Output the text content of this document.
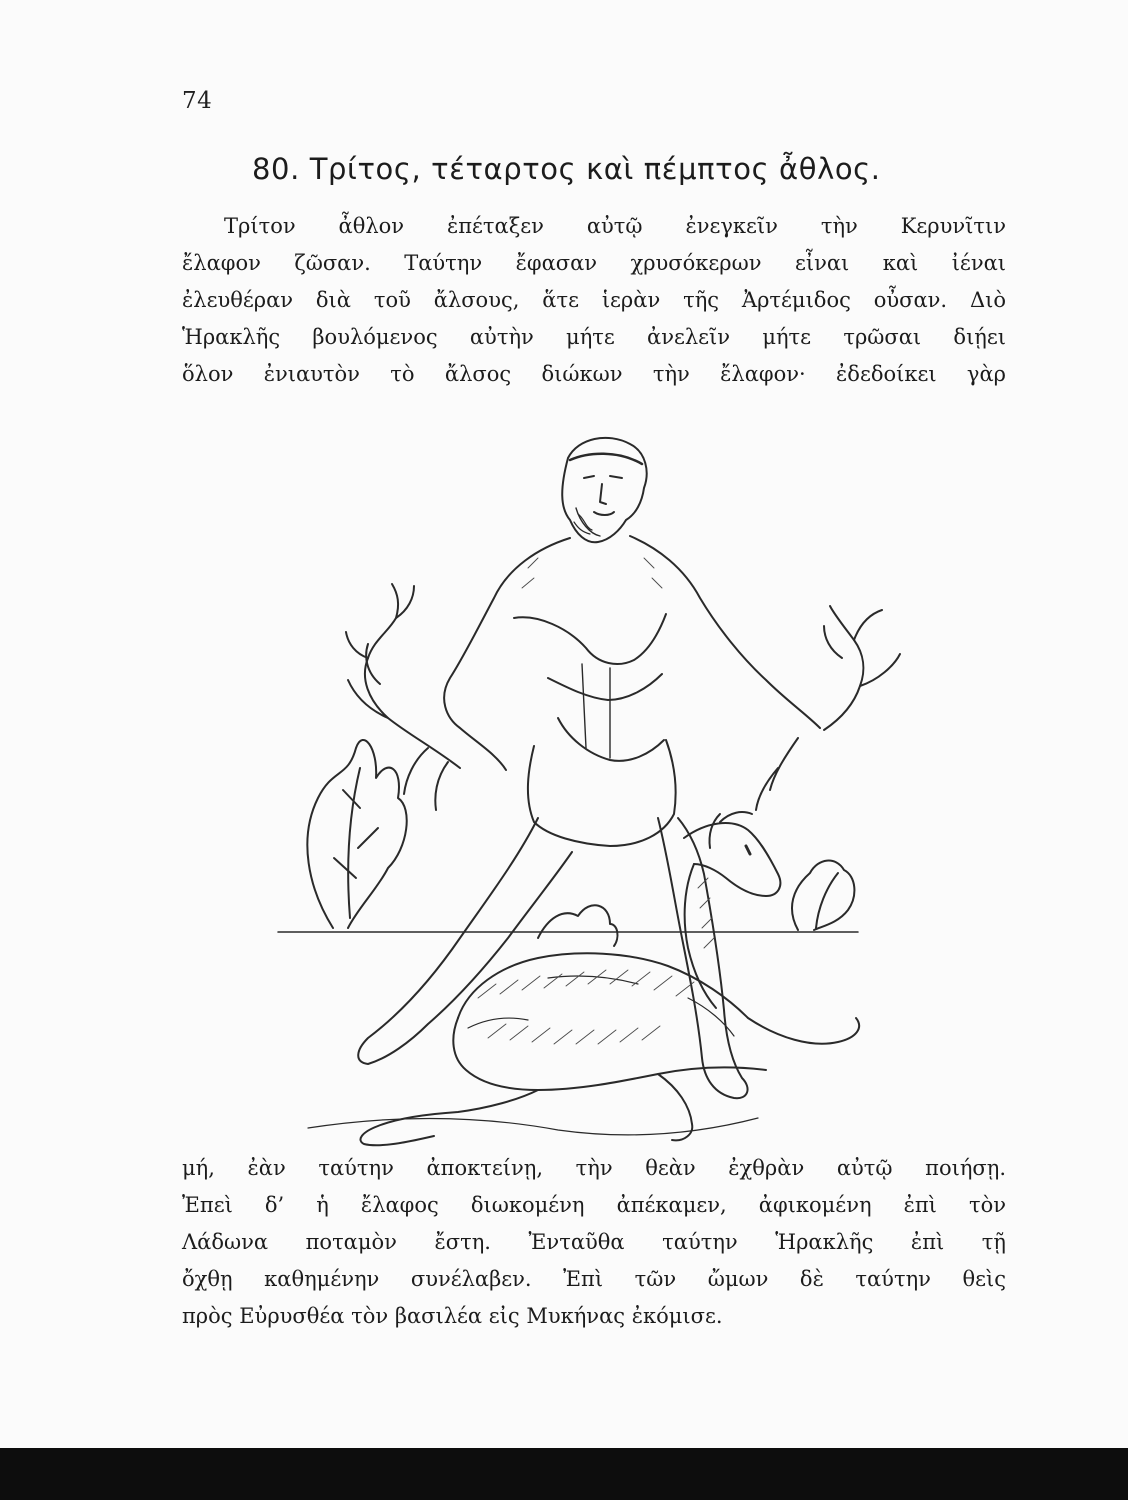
74
80. Τρίτος, τέταρτος καὶ πέμπτος ἆθλος.
Τρίτον ἆθλον ἐπέταξεν αὐτῷ ἐνεγκεῖν τὴν Κερυνῖτιν
ἔλαφον ζῶσαν. Ταύτην ἔφασαν χρυσόκερων εἶναι καὶ ἰέναι
ἐλευθέραν διὰ τοῦ ἄλσους, ἅτε ἱερὰν τῆς Ἀρτέμιδος οὖσαν. Διὸ
Ἡρακλῆς βουλόμενος αὐτὴν μήτε ἀνελεῖν μήτε τρῶσαι διῄει
ὅλον ἐνιαυτὸν τὸ ἄλσος διώκων τὴν ἔλαφον· ἐδεδοίκει γὰρ
μή, ἐὰν ταύτην ἀποκτείνῃ, τὴν θεὰν ἐχθρὰν αὐτῷ ποιήσῃ.
Ἐπεὶ δ’ ἡ ἔλαφος διωκομένη ἀπέκαμεν, ἀφικομένη ἐπὶ τὸν
Λάδωνα ποταμὸν ἔστη. Ἐνταῦθα ταύτην Ἡρακλῆς ἐπὶ τῇ
ὄχθῃ καθημένην συνέλαβεν. Ἐπὶ τῶν ὤμων δὲ ταύτην θεὶς
πρὸς Εὐρυσθέα τὸν βασιλέα εἰς Μυκήνας ἐκόμισε.
